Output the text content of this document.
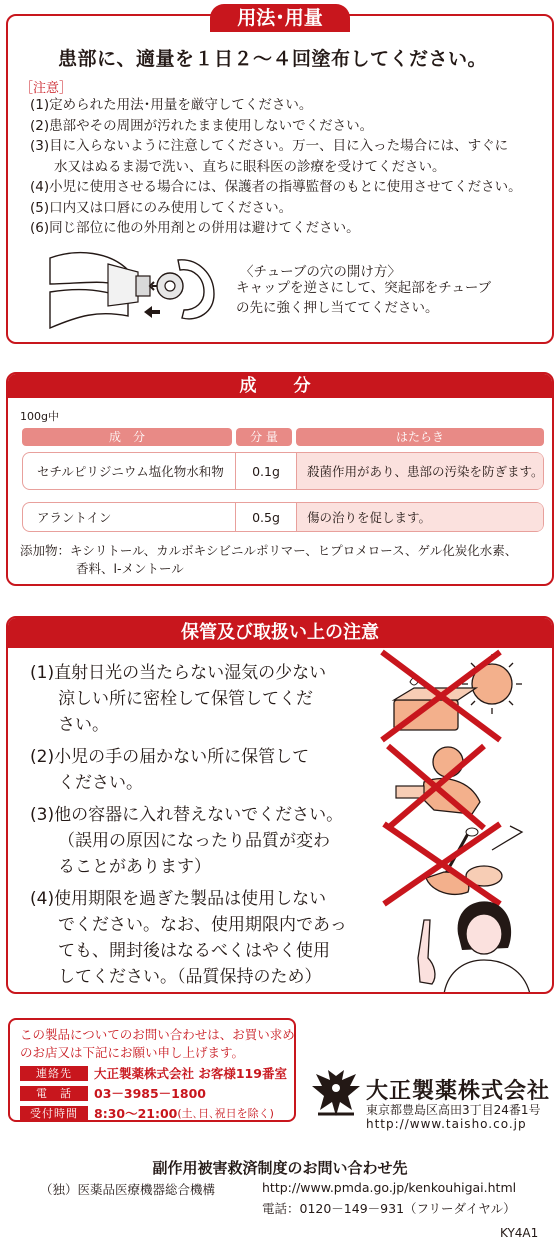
用法･用量
患部に、適量を１日２～４回塗布してください。
［注意］
(1)定められた用法･用量を厳守してください。
(2)患部やその周囲が汚れたまま使用しないでください。
(3)目に入らないように注意してください。万一、目に入った場合には、すぐに
水又はぬるま湯で洗い、直ちに眼科医の診療を受けてください。
(4)小児に使用させる場合には、保護者の指導監督のもとに使用させてください。
(5)口内又は口唇にのみ使用してください。
(6)同じ部位に他の外用剤との併用は避けてください。
〈チューブの穴の開け方〉
キャップを逆さにして、突起部をチューブ
の先に強く押し当ててください。
成　分
100g中
成　分	分 量	はたらき
セチルピリジニウム塩化物水和物	0.1g	殺菌作用があり、患部の汚染を防ぎます。
アラントイン	0.5g	傷の治りを促します。
添加物：キシリトール、カルボキシビニルポリマー、ヒプロメロース、ゲル化炭化水素、
香料、l-メントール
保管及び取扱い上の注意
(1)直射日光の当たらない湿気の少ない
涼しい所に密栓して保管してくだ
さい。
(2)小児の手の届かない所に保管して
ください。
(3)他の容器に入れ替えないでください。
（誤用の原因になったり品質が変わ
ることがあります）
(4)使用期限を過ぎた製品は使用しない
でください。なお、使用期限内であっ
ても、開封後はなるべくはやく使用
してください。（品質保持のため）
この製品についてのお問い合わせは、お買い求め
のお店又は下記にお願い申し上げます。
連絡先 大正製薬株式会社 お客様119番室
電　話 03－3985－1800
受付時間 8:30～21:00(土､日､祝日を除く)
大正製薬株式会社
東京都豊島区高田3丁目24番1号
http://www.taisho.co.jp
副作用被害救済制度のお問い合わせ先
（独）医薬品医療機器総合機構	http://www.pmda.go.jp/kenkouhigai.html
電話：0120－149－931（フリーダイヤル）
KY4A1
